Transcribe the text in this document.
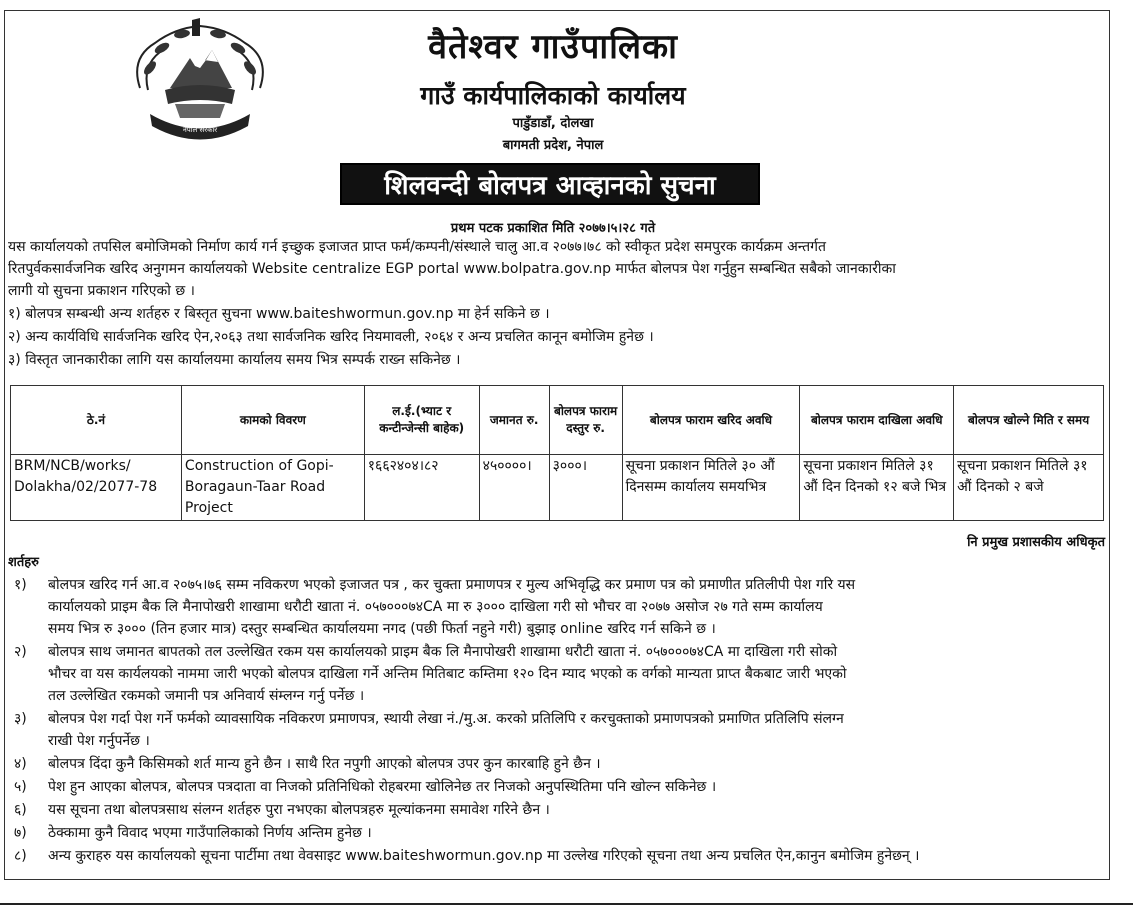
नेपाल सरकार
वैतेश्वर गाउँपालिका
गाउँ कार्यपालिकाको कार्यालय
पाडुँडाडाँ, दोलखा
बागमती प्रदेश, नेपाल
शिलवन्दी बोलपत्र आव्हानको सुचना
प्रथम पटक प्रकाशित मिति २०७७।५।२८ गते
यस कार्यालयको तपसिल बमोजिमको निर्माण कार्य गर्न इच्छुक इजाजत प्राप्त फर्म/कम्पनी/संस्थाले चालु आ.व २०७७।७८ को स्वीकृत प्रदेश समपुरक कार्यक्रम अन्तर्गत
रितपुर्वकसार्वजनिक खरिद अनुगमन कार्यालयको Website centralize EGP portal www.bolpatra.gov.np मार्फत बोलपत्र पेश गर्नुहुन सम्बन्धित सबैको जानकारीका
लागी यो सुचना प्रकाशन गरिएको छ ।
१) बोलपत्र सम्बन्धी अन्य शर्तहरु र बिस्तृत सुचना www.baiteshwormun.gov.np मा हेर्न सकिने छ ।
२) अन्य कार्यविधि सार्वजनिक खरिद ऐन,२०६३ तथा सार्वजनिक खरिद नियमावली, २०६४ र अन्य प्रचलित कानून बमोजिम हुनेछ ।
३) विस्तृत जानकारीका लागि यस कार्यालयमा कार्यालय समय भित्र सम्पर्क राख्न सकिनेछ ।
ठे.नं	कामको विवरण	ल.ई.(भ्याट र कन्टीन्जेन्सी बाहेक)	जमानत रु.	बोलपत्र फाराम दस्तुर रु.	बोलपत्र फाराम खरिद अवधि	बोलपत्र फाराम दाखिला अवधि	बोलपत्र खोल्ने मिति र समय
BRM/NCB/works/ Dolakha/02/2077-78	Construction of Gopi-Boragaun-Taar Road Project	१६६२४०४।८२	४५००००।	३०००।	सूचना प्रकाशन मितिले ३० औं दिनसम्म कार्यालय समयभित्र	सूचना प्रकाशन मितिले ३१ औं दिन दिनको १२ बजे भित्र	सूचना प्रकाशन मितिले ३१ औं दिनको २ बजे
नि प्रमुख प्रशासकीय अधिकृत
शर्तहरु
१) बोलपत्र खरिद गर्न आ.व २०७५।७६ सम्म नविकरण भएको इजाजत पत्र , कर चुक्ता प्रमाणपत्र र मुल्य अभिवृद्धि कर प्रमाण पत्र को प्रमाणीत प्रतिलीपी पेश गरि यस
कार्यालयको प्राइम बैक लि मैनापोखरी शाखामा धरौटी खाता नं. ०५७०००७४CA मा रु ३००० दाखिला गरी सो भौचर वा २०७७ असोज २७ गते सम्म कार्यालय
समय भित्र रु ३००० (तिन हजार मात्र) दस्तुर सम्बन्धित कार्यालयमा नगद (पछी फिर्ता नहुने गरी) बुझाइ online खरिद गर्न सकिने छ ।
२) बोलपत्र साथ जमानत बापतको तल उल्लेखित रकम यस कार्यालयको प्राइम बैक लि मैनापोखरी शाखामा धरौटी खाता नं. ०५७०००७४CA मा दाखिला गरी सोको
भौचर वा यस कार्यलयको नाममा जारी भएको बोलपत्र दाखिला गर्ने अन्तिम मितिबाट कम्तिमा १२० दिन म्याद भएको क वर्गको मान्यता प्राप्त बैकबाट जारी भएको
तल उल्लेखित रकमको जमानी पत्र अनिवार्य संम्लग्न गर्नु पर्नेछ ।
३) बोलपत्र पेश गर्दा पेश गर्ने फर्मको व्यावसायिक नविकरण प्रमाणपत्र, स्थायी लेखा नं./मु.अ. करको प्रतिलिपि र करचुक्ताको प्रमाणपत्रको प्रमाणित प्रतिलिपि संलग्न
राखी पेश गर्नुपर्नेछ ।
४) बोलपत्र दिंदा कुनै किसिमको शर्त मान्य हुने छैन । साथै रित नपुगी आएको बोलपत्र उपर कुन कारबाहि हुने छैन ।
५) पेश हुन आएका बोलपत्र, बोलपत्र पत्रदाता वा निजको प्रतिनिधिको रोहबरमा खोलिनेछ तर निजको अनुपस्थितिमा पनि खोल्न सकिनेछ ।
६) यस सूचना तथा बोलपत्रसाथ संलग्न शर्तहरु पुरा नभएका बोलपत्रहरु मूल्यांकनमा समावेश गरिने छैन ।
७) ठेक्कामा कुनै विवाद भएमा गाउँपालिकाको निर्णय अन्तिम हुनेछ ।
८) अन्य कुराहरु यस कार्यालयको सूचना पार्टीमा तथा वेवसाइट www.baiteshwormun.gov.np मा उल्लेख गरिएको सूचना तथा अन्य प्रचलित ऐन,कानुन बमोजिम हुनेछन् ।
